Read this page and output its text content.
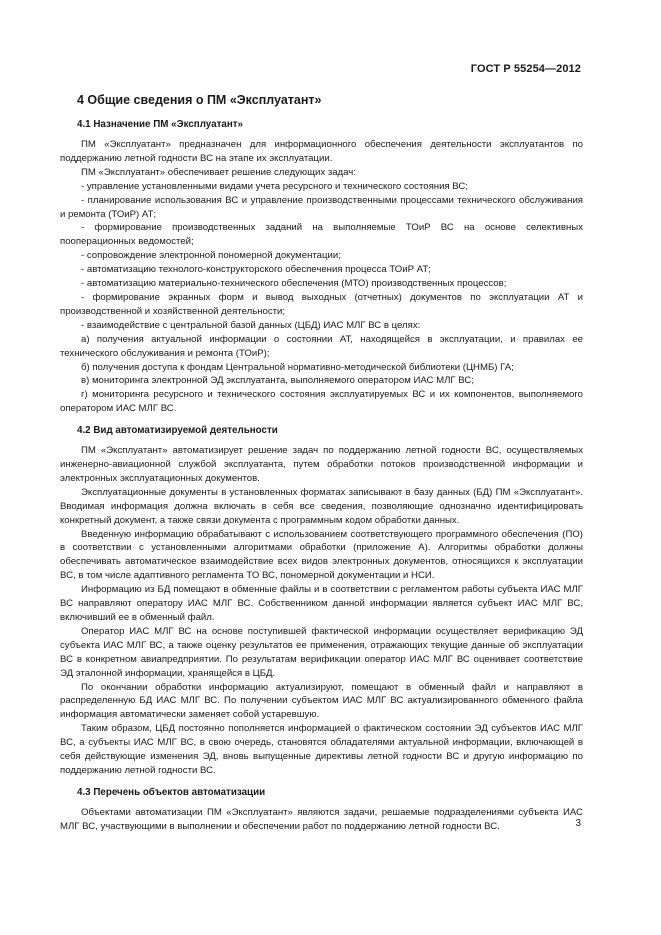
ГОСТ Р 55254—2012
4 Общие сведения о ПМ «Эксплуатант»
4.1 Назначение ПМ «Эксплуатант»

ПМ «Эксплуатант» предназначен для информационного обеспечения деятельности эксплуатантов по поддержанию летной годности ВС на этапе их эксплуатации.

ПМ «Эксплуатант» обеспечивает решение следующих задач:

- управление установленными видами учета ресурсного и технического состояния ВС;

- планирование использования ВС и управление производственными процессами технического обслуживания и ремонта (ТОиР) АТ;

- формирование производственных заданий на выполняемые ТОиР ВС на основе селективных пооперационных ведомостей;

- сопровождение электронной пономерной документации;

- автоматизацию технолого-конструкторского обеспечения процесса ТОиР АТ;

- автоматизацию материально-технического обеспечения (МТО) производственных процессов;

- формирование экранных форм и вывод выходных (отчетных) документов по эксплуатации АТ и производственной и хозяйственной деятельности;

- взаимодействие с центральной базой данных (ЦБД) ИАС МЛГ ВС в целях:

а) получения актуальной информации о состоянии АТ, находящейся в эксплуатации, и правилах ее технического обслуживания и ремонта (ТОиР);

б) получения доступа к фондам Центральной нормативно-методической библиотеки (ЦНМБ) ГА;

в) мониторинга электронной ЭД эксплуатанта, выполняемого оператором ИАС МЛГ ВС;

г) мониторинга ресурсного и технического состояния эксплуатируемых ВС и их компонентов, выполняемого оператором ИАС МЛГ ВС.

4.2 Вид автоматизируемой деятельности

ПМ «Эксплуатант» автоматизирует решение задач по поддержанию летной годности ВС, осуществляемых инженерно-авиационной службой эксплуатанта, путем обработки потоков производственной информации и электронных эксплуатационных документов.

Эксплуатационные документы в установленных форматах записывают в базу данных (БД) ПМ «Эксплуатант». Вводимая информация должна включать в себя все сведения, позволяющие однозначно идентифицировать конкретный документ, а также связи документа с программным кодом обработки данных.

Введенную информацию обрабатывают с использованием соответствующего программного обеспечения (ПО) в соответствии с установленными алгоритмами обработки (приложение А). Алгоритмы обработки должны обеспечивать автоматическое взаимодействие всех видов электронных документов, относящихся к эксплуатации ВС, в том числе адаптивного регламента ТО ВС, пономерной документации и НСИ.

Информацию из БД помещают в обменные файлы и в соответствии с регламентом работы субъекта ИАС МЛГ ВС направляют оператору ИАС МЛГ ВС. Собственником данной информации является субъект ИАС МЛГ ВС, включивший ее в обменный файл.

Оператор ИАС МЛГ ВС на основе поступившей фактической информации осуществляет верификацию ЭД субъекта ИАС МЛГ ВС, а также оценку результатов ее применения, отражающих текущие данные об эксплуатации ВС в конкретном авиапредприятии. По результатам верификации оператор ИАС МЛГ ВС оценивает соответствие ЭД эталонной информации, хранящейся в ЦБД.

По окончании обработки информацию актуализируют, помещают в обменный файл и направляют в распределенную БД ИАС МЛГ ВС. По получении субъектом ИАС МЛГ ВС актуализированного обменного файла информация автоматически заменяет собой устаревшую.

Таким образом, ЦБД постоянно пополняется информацией о фактическом состоянии ЭД субъектов ИАС МЛГ ВС, а субъекты ИАС МЛГ ВС, в свою очередь, становятся обладателями актуальной информации, включающей в себя действующие изменения ЭД, вновь выпущенные директивы летной годности ВС и другую информацию по поддержанию летной годности ВС.

4.3 Перечень объектов автоматизации

Объектами автоматизации ПМ «Эксплуатант» являются задачи, решаемые подразделениями субъекта ИАС МЛГ ВС, участвующими в выполнении и обеспечении работ по поддержанию летной годности ВС.	3
